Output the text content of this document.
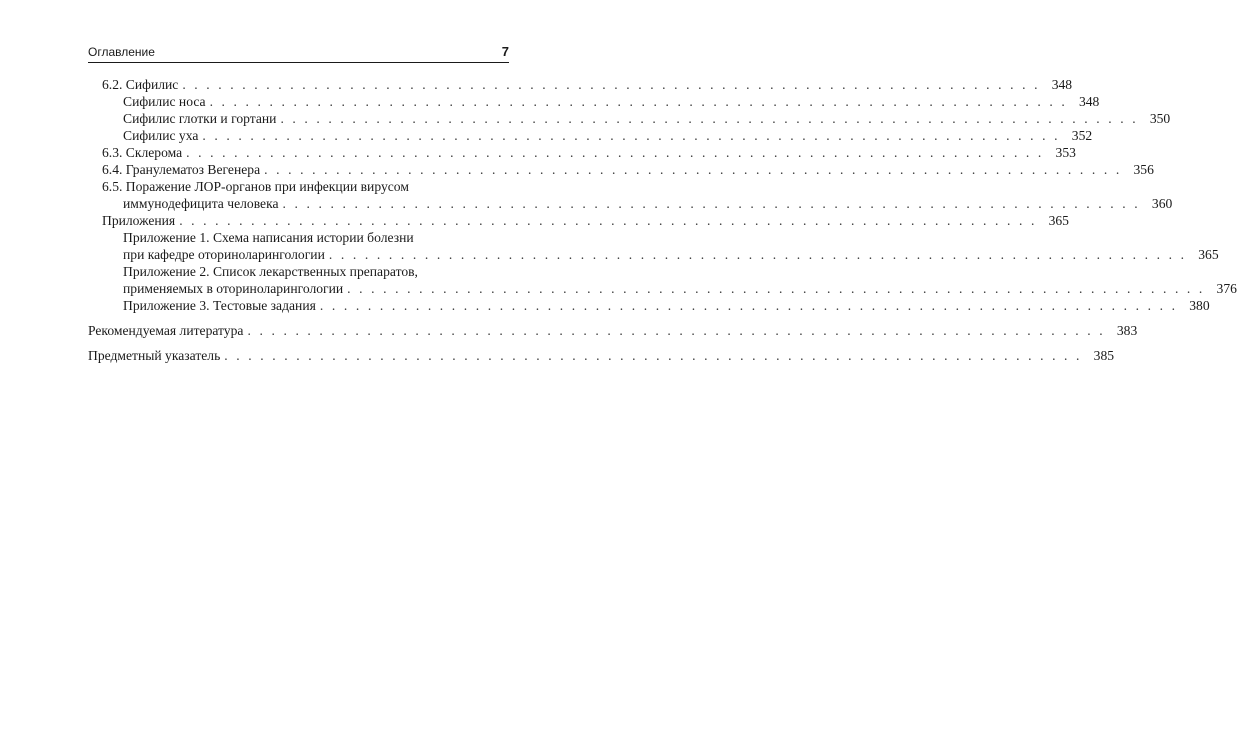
Оглавление	7
6.2. Сифилис . . . . . . . . . . . . . . . . . . . . . . . . . . . . . . . . . . . . . . . . . . . . . . . . . . . . . . . . . . . . . . . . . . . . . . . . 348
Сифилис носа . . . . . . . . . . . . . . . . . . . . . . . . . . . . . . . . . . . . . . . . . . . . . . . . . . . . . . . . . . . . . . . . . . . . . . . . 348
Сифилис глотки и гортани . . . . . . . . . . . . . . . . . . . . . . . . . . . . . . . . . . . . . . . . . . . . . . . . . . . . . . . . . . . . . . . . . . . . . . . . 350
Сифилис уха . . . . . . . . . . . . . . . . . . . . . . . . . . . . . . . . . . . . . . . . . . . . . . . . . . . . . . . . . . . . . . . . . . . . . . . . 352
6.3. Склерома . . . . . . . . . . . . . . . . . . . . . . . . . . . . . . . . . . . . . . . . . . . . . . . . . . . . . . . . . . . . . . . . . . . . . . . . 353
6.4. Гранулематоз Вегенера . . . . . . . . . . . . . . . . . . . . . . . . . . . . . . . . . . . . . . . . . . . . . . . . . . . . . . . . . . . . . . . . . . . . . . . . 356
6.5. Поражение ЛОР-органов при инфекции вирусом
иммунодефицита человека . . . . . . . . . . . . . . . . . . . . . . . . . . . . . . . . . . . . . . . . . . . . . . . . . . . . . . . . . . . . . . . . . . . . . . . . 360
Приложения . . . . . . . . . . . . . . . . . . . . . . . . . . . . . . . . . . . . . . . . . . . . . . . . . . . . . . . . . . . . . . . . . . . . . . . . 365
Приложение 1. Схема написания истории болезни
при кафедре оториноларингологии . . . . . . . . . . . . . . . . . . . . . . . . . . . . . . . . . . . . . . . . . . . . . . . . . . . . . . . . . . . . . . . . . . . . . . . . 365
Приложение 2. Список лекарственных препаратов,
применяемых в оториноларингологии . . . . . . . . . . . . . . . . . . . . . . . . . . . . . . . . . . . . . . . . . . . . . . . . . . . . . . . . . . . . . . . . . . . . . . . . 376
Приложение 3. Тестовые задания . . . . . . . . . . . . . . . . . . . . . . . . . . . . . . . . . . . . . . . . . . . . . . . . . . . . . . . . . . . . . . . . . . . . . . . . 380
Рекомендуемая литература . . . . . . . . . . . . . . . . . . . . . . . . . . . . . . . . . . . . . . . . . . . . . . . . . . . . . . . . . . . . . . . . . . . . . . . . 383
Предметный указатель . . . . . . . . . . . . . . . . . . . . . . . . . . . . . . . . . . . . . . . . . . . . . . . . . . . . . . . . . . . . . . . . . . . . . . . . 385
